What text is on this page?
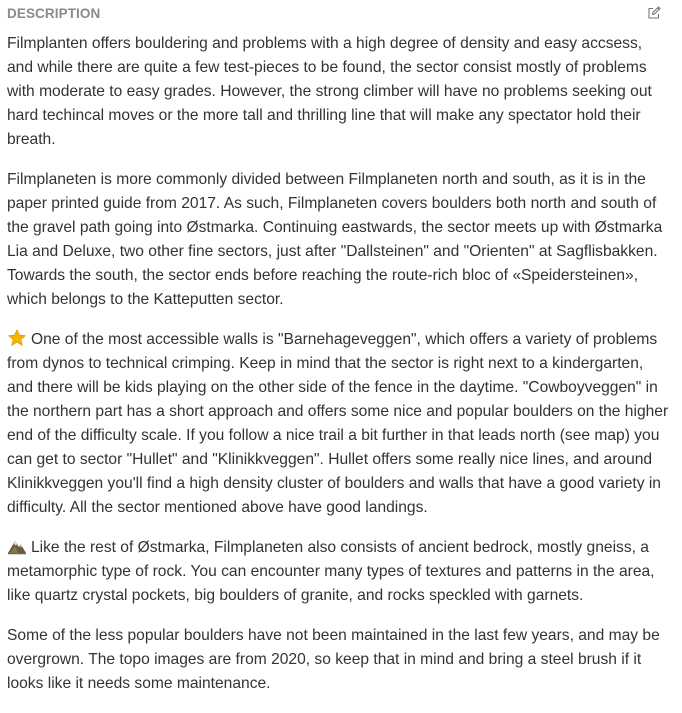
DESCRIPTION

Filmplanten offers bouldering and problems with a high degree of density and easy accsess, and while there are quite a few test-pieces to be found, the sector consist mostly of problems with moderate to easy grades. However, the strong climber will have no problems seeking out hard techincal moves or the more tall and thrilling line that will make any spectator hold their breath.

Filmplaneten is more commonly divided between Filmplaneten north and south, as it is in the paper printed guide from 2017. As such, Filmplaneten covers boulders both north and south of the gravel path going into Østmarka. Continuing eastwards, the sector meets up with Østmarka Lia and Deluxe, two other fine sectors, just after "Dallsteinen" and "Orienten" at Sagflisbakken. Towards the south, the sector ends before reaching the route-rich bloc of «Speidersteinen», which belongs to the Katteputten sector.

One of the most accessible walls is "Barnehageveggen", which offers a variety of problems from dynos to technical crimping. Keep in mind that the sector is right next to a kindergarten, and there will be kids playing on the other side of the fence in the daytime. "Cowboyveggen" in the northern part has a short approach and offers some nice and popular boulders on the higher end of the difficulty scale. If you follow a nice trail a bit further in that leads north (see map) you can get to sector "Hullet" and "Klinikkveggen". Hullet offers some really nice lines, and around Klinikkveggen you'll find a high density cluster of boulders and walls that have a good variety in difficulty. All the sector mentioned above have good landings.

Like the rest of Østmarka, Filmplaneten also consists of ancient bedrock, mostly gneiss, a metamorphic type of rock. You can encounter many types of textures and patterns in the area, like quartz crystal pockets, big boulders of granite, and rocks speckled with garnets.

Some of the less popular boulders have not been maintained in the last few years, and may be overgrown. The topo images are from 2020, so keep that in mind and bring a steel brush if it looks like it needs some maintenance.
